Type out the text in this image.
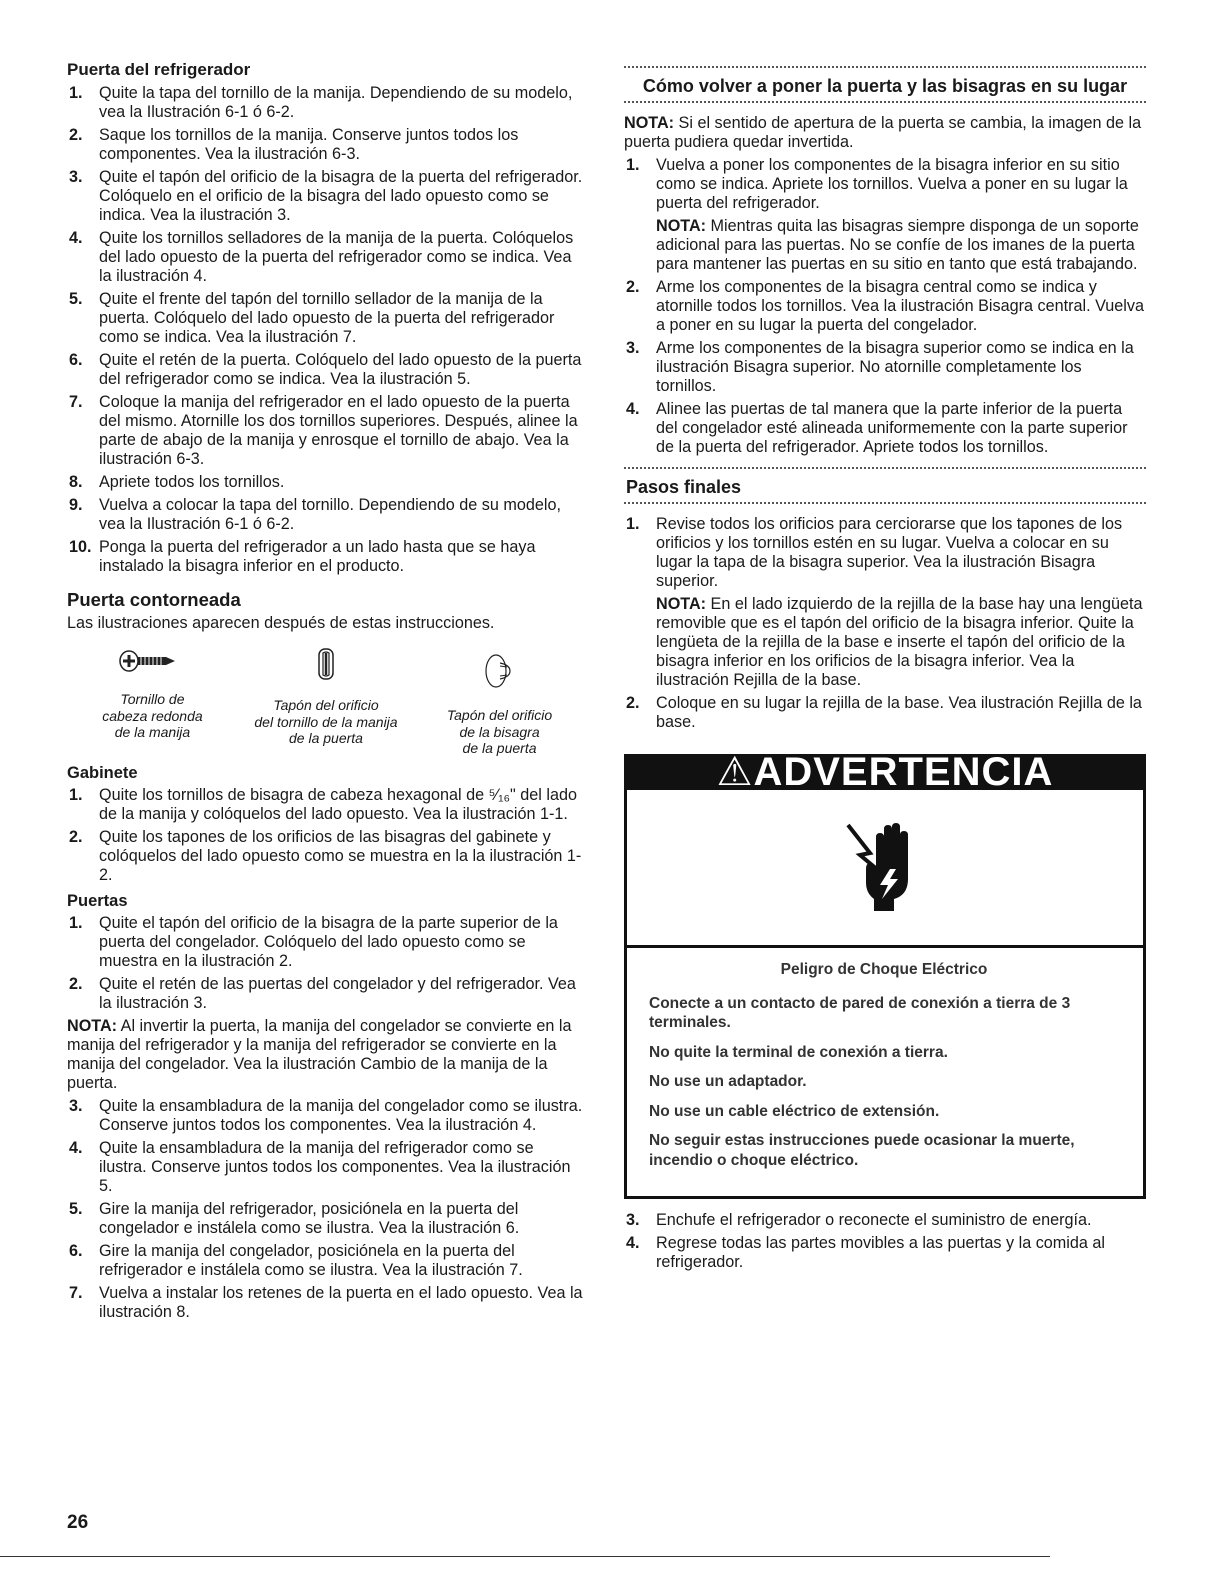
Puerta del refrigerador
1. Quite la tapa del tornillo de la manija. Dependiendo de su modelo, vea la Ilustración 6-1 ó 6-2.
2. Saque los tornillos de la manija. Conserve juntos todos los componentes. Vea la ilustración 6-3.
3. Quite el tapón del orificio de la bisagra de la puerta del refrigerador. Colóquelo en el orificio de la bisagra del lado opuesto como se indica. Vea la ilustración 3.
4. Quite los tornillos selladores de la manija de la puerta. Colóquelos del lado opuesto de la puerta del refrigerador como se indica. Vea la ilustración 4.
5. Quite el frente del tapón del tornillo sellador de la manija de la puerta. Colóquelo del lado opuesto de la puerta del refrigerador como se indica. Vea la ilustración 7.
6. Quite el retén de la puerta. Colóquelo del lado opuesto de la puerta del refrigerador como se indica. Vea la ilustración 5.
7. Coloque la manija del refrigerador en el lado opuesto de la puerta del mismo. Atornille los dos tornillos superiores. Después, alinee la parte de abajo de la manija y enrosque el tornillo de abajo. Vea la ilustración 6-3.
8. Apriete todos los tornillos.
9. Vuelva a colocar la tapa del tornillo. Dependiendo de su modelo, vea la Ilustración 6-1 ó 6-2.
10. Ponga la puerta del refrigerador a un lado hasta que se haya instalado la bisagra inferior en el producto.
Puerta contorneada

Las ilustraciones aparecen después de estas instrucciones.

Tornillo de
cabeza redonda
de la manija
Tapón del orificio
del tornillo de la manija
de la puerta
Tapón del orificio
de la bisagra
de la puerta
Gabinete
1. Quite los tornillos de bisagra de cabeza hexagonal de ⁵⁄₁₆" del lado de la manija y colóquelos del lado opuesto. Vea la ilustración 1-1.
2. Quite los tapones de los orificios de las bisagras del gabinete y colóquelos del lado opuesto como se muestra en la la ilustración 1-2.
Puertas
1. Quite el tapón del orificio de la bisagra de la parte superior de la puerta del congelador. Colóquelo del lado opuesto como se muestra en la ilustración 2.
2. Quite el retén de las puertas del congelador y del refrigerador. Vea la ilustración 3.

NOTA: Al invertir la puerta, la manija del congelador se convierte en la manija del refrigerador y la manija del refrigerador se convierte en la manija del congelador. Vea la ilustración Cambio de la manija de la puerta.

3. Quite la ensambladura de la manija del congelador como se ilustra. Conserve juntos todos los componentes. Vea la ilustración 4.
4. Quite la ensambladura de la manija del refrigerador como se ilustra. Conserve juntos todos los componentes. Vea la ilustración 5.
5. Gire la manija del refrigerador, posiciónela en la puerta del congelador e instálela como se ilustra. Vea la ilustración 6.
6. Gire la manija del congelador, posiciónela en la puerta del refrigerador e instálela como se ilustra. Vea la ilustración 7.
7. Vuelva a instalar los retenes de la puerta en el lado opuesto. Vea la ilustración 8.
Cómo volver a poner la puerta y las bisagras en su lugar

NOTA: Si el sentido de apertura de la puerta se cambia, la imagen de la puerta pudiera quedar invertida.

1. Vuelva a poner los componentes de la bisagra inferior en su sitio como se indica. Apriete los tornillos. Vuelva a poner en su lugar la puerta del refrigerador.

NOTA: Mientras quita las bisagras siempre disponga de un soporte adicional para las puertas. No se confíe de los imanes de la puerta para mantener las puertas en su sitio en tanto que está trabajando.

2. Arme los componentes de la bisagra central como se indica y atornille todos los tornillos. Vea la ilustración Bisagra central. Vuelva a poner en su lugar la puerta del congelador.
3. Arme los componentes de la bisagra superior como se indica en la ilustración Bisagra superior. No atornille completamente los tornillos.
4. Alinee las puertas de tal manera que la parte inferior de la puerta del congelador esté alineada uniformemente con la parte superior de la puerta del refrigerador. Apriete todos los tornillos.
Pasos finales
1. Revise todos los orificios para cerciorarse que los tapones de los orificios y los tornillos estén en su lugar. Vuelva a colocar en su lugar la tapa de la bisagra superior. Vea la ilustración Bisagra superior.

NOTA: En el lado izquierdo de la rejilla de la base hay una lengüeta removible que es el tapón del orificio de la bisagra inferior. Quite la lengüeta de la rejilla de la base e inserte el tapón del orificio de la bisagra inferior en los orificios de la bisagra inferior. Vea la ilustración Rejilla de la base.

2. Coloque en su lugar la rejilla de la base. Vea ilustración Rejilla de la base.
⚠ADVERTENCIA

Peligro de Choque Eléctrico

Conecte a un contacto de pared de conexión a tierra de 3 terminales.

No quite la terminal de conexión a tierra.

No use un adaptador.

No use un cable eléctrico de extensión.

No seguir estas instrucciones puede ocasionar la muerte, incendio o choque eléctrico.

3. Enchufe el refrigerador o reconecte el suministro de energía.
4. Regrese todas las partes movibles a las puertas y la comida al refrigerador.
26
